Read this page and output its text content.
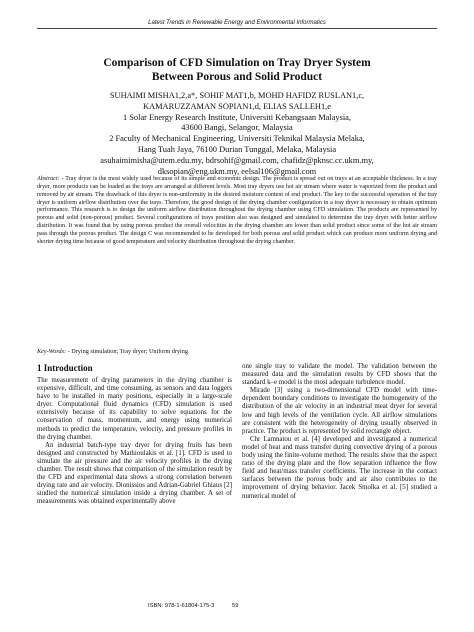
Latest Trends in Renewable Energy and Environmental Informatics
Comparison of CFD Simulation on Tray Dryer System
Between Porous and Solid Product
SUHAIMI MISHA1,2,a*, SOHIF MAT1,b, MOHD HAFIDZ RUSLAN1,c,
KAMARUZZAMAN SOPIAN1,d, ELIAS SALLEH1,e
1 Solar Energy Research Institute, Universiti Kebangsaan Malaysia,
43600 Bangi, Selangor, Malaysia
2 Faculty of Mechanical Engineering, Universiti Teknikal Malaysia Melaka,
Hang Tuah Jaya, 76100 Durian Tunggal, Melaka, Malaysia
asuhaimimisha@utem.edu.my, bdrsohif@gmail.com, chafidz@pknsc.cc.ukm.my,
dksopian@eng.ukm.my, eelsal106@gmail.com
Abstract: - Tray dryer is the most widely used because of its simple and economic design. The product is spread out on trays at an acceptable thickness. In a tray dryer, more products can be loaded as the trays are arranged at different levels. Most tray dryers use hot air stream where water is vaporized from the product and removed by air stream. The drawback of this dryer is non-uniformity in the desired moisture content of end product. The key to the successful operation of the tray dryer is uniform airflow distribution over the trays. Therefore, the good design of the drying chamber configuration in a tray dryer is necessary to obtain optimum performance. This research is to design the uniform airflow distribution throughout the drying chamber using CFD simulation. The products are represented by porous and solid (non-porous) product. Several configurations of trays position also was designed and simulated to determine the tray dryer with better airflow distribution. It was found that by using porous product the overall velocities in the drying chamber are lower than solid product since some of the hot air stream pass through the porous product. The design C was recommended to be developed for both porous and solid product which can produce more uniform drying and shorter drying time because of good temperature and velocity distribution throughout the drying chamber.
Key-Words: - Drying simulation; Tray dryer; Uniform drying
1 Introduction

The measurement of drying parameters in the drying chamber is expensive, difficult, and time consuming, as sensors and data loggers have to be installed in many positions, especially in a large-scale dryer. Computational fluid dynamics (CFD) simulation is used extensively because of its capability to solve equations for the conservation of mass, momentum, and energy using numerical methods to predict the temperature, velocity, and pressure profiles in the drying chamber.

An industrial batch-type tray dryer for drying fruits has been designed and constructed by Mathioulakis et al. [1]. CFD is used to simulate the air pressure and the air velocity profiles in the drying chamber. The result shows that comparison of the simulation result by the CFD and experimental data shows a strong correlation between drying rate and air velocity. Dionissios and Adrian-Gabriel Ghiaus [2] studied the numerical simulation inside a drying chamber. A set of measurements was obtained experimentally above

one single tray to validate the model. The validation between the measured data and the simulation results by CFD shows that the standard k–e model is the most adequate turbulence model.

Mirade [3] using a two-dimensional CFD model with time-dependent boundary conditions to investigate the homogeneity of the distribution of the air velocity in an industrial meat dryer for several low and high levels of the ventilation cycle. All airflow simulations are consistent with the heterogeneity of drying usually observed in practice. The product is represented by solid rectangle object.

Chr Lamnatou et al. [4] developed and investigated a numerical model of heat and mass transfer during convective drying of a porous body using the finite-volume method. The results show that the aspect ratio of the drying plate and the flow separation influence the flow field and heat/mass transfer coefficients. The increase in the contact surfaces between the porous body and air also contributes to the improvement of drying behavior. Jacek Smolka et al. [5] studied a numerical model of

ISBN: 978-1-61804-175-3	59
